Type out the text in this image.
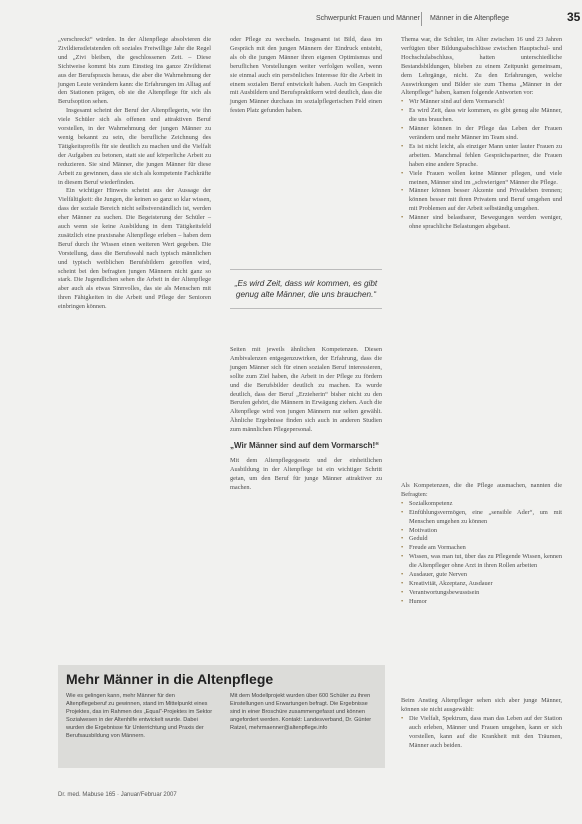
Schwerpunkt Frauen und Männer Männer in die Altenpflege	35

„verschreckt“ würden. In der Altenpflege absolvieren die Zivildienstleistenden oft soziales Freiwillige Jahr die Regel und „Zivi bleiben, die geschlossenen Zeit. – Diese Sichtweise kommt bis zum Einstieg ins ganze Zivildienst aus der Berufspraxis heraus, die aber die Wahrnehmung der jungen Leute verändern kann: die Erfahrungen im Alltag auf den Stationen prägen, ob sie die Altenpflege für sich als Berufsoption sehen.

Insgesamt scheint der Beruf der Altenpflegerin, wie ihn viele Schüler sich als offenen und attraktiven Beruf vorstellen, in der Wahrnehmung der jungen Männer zu wenig bekannt zu sein, die berufliche Zeichnung des Tätigkeitsprofils für sie deutlich zu machen und die Vielfalt der Aufgaben zu betonen, statt sie auf körperliche Arbeit zu reduzieren. Sie sind Männer, die jungen Männer für diese Arbeit zu gewinnen, dass sie sich als kompetente Fachkräfte in diesem Beruf wiederfinden.

Ein wichtiger Hinweis scheint aus der Aussage der Vielfältigkeit: die Jungen, die keinen so ganz so klar wissen, dass der soziale Bereich nicht selbstverständlich ist, werden eher Männer zu suchen. Die Begeisterung der Schüler – auch wenn sie keine Ausbildung in dem Tätigkeitsfeld zusätzlich eine praxisnahe Altenpflege erleben – haben dem Beruf durch ihr Wissen einen weiteren Wert gegeben. Die Vorstellung, dass die Berufswahl nach typisch männlichen und typisch weiblichen Berufsbildern getroffen wird, scheint bei den befragten jungen Männern nicht ganz so stark. Die Jugendlichen sehen die Arbeit in der Altenpflege aber auch als etwas Sinnvolles, das sie als Menschen mit ihren Fähigkeiten in die Arbeit und Pflege der Senioren einbringen können.

oder Pflege zu wechseln. Insgesamt ist Bild, dass im Gespräch mit den jungen Männern der Eindruck entsteht, als ob die jungen Männer ihren eigenen Optimismus und beruflichen Vorstellungen weiter verfolgen wollen, wenn sie einmal auch ein persönliches Interesse für die Arbeit in einem sozialen Beruf entwickelt haben. Auch im Gespräch mit Ausbildern und Berufspraktikern wird deutlich, dass die jungen Männer durchaus im sozialpflegerischen Feld einen festen Platz gefunden haben.

„Es wird Zeit, dass wir kommen, es gibt genug alte Männer, die uns brauchen.“

Seiten mit jeweils ähnlichen Kompetenzen. Diesen Ambivalenzen entgegenzuwirken, der Erfahrung, dass die jungen Männer sich für einen sozialen Beruf interessieren, sollte zum Ziel haben, die Arbeit in der Pflege zu fördern und die Berufsbilder deutlich zu machen. Es wurde deutlich, dass der Beruf „Erzieherin“ bisher nicht zu den Berufen gehört, die Männern in Erwägung ziehen. Auch die Altenpflege wird von jungen Männern nur selten gewählt. Ähnliche Ergebnisse finden sich auch in anderen Studien zum männlichen Pflegepersonal.

„Wir Männer sind auf dem Vormarsch!“

Mit dem Altenpflegegesetz und der einheitlichen Ausbildung in der Altenpflege ist ein wichtiger Schritt getan, um den Beruf für junge Männer attraktiver zu machen.

Thema war, die Schüler, im Alter zwischen 16 und 23 Jahren verfügten über Bildungsabschlüsse zwischen Hauptschul- und Hochschulabschluss, hatten unterschiedliche Bestandsbildungen, blieben zu einem Zeitpunkt gemeinsam, dem Lehrgänge, nicht. Zu den Erfahrungen, welche Auswirkungen und Bilder sie zum Thema „Männer in der Altenpflege“ haben, kamen folgende Antworten vor:

• Wir Männer sind auf dem Vormarsch!
• Es wird Zeit, dass wir kommen, es gibt genug alte Männer, die uns brauchen.
• Männer können in der Pflege das Leben der Frauen verändern und mehr Männer im Team sind.
• Es ist nicht leicht, als einziger Mann unter lauter Frauen zu arbeiten. Manchmal fehlen Gesprächspartner, die Frauen haben eine andere Sprache.
• Viele Frauen wollen keine Männer pflegen, und viele meinen, Männer sind im „schwierigen“ Männer die Pflege.
• Männer können besser Akzente und Privatleben trennen; können besser mit ihren Privatem und Beruf umgehen und mit Problemen auf der Arbeit selbständig umgehen.
• Männer sind belastbarer, Bewegungen werden weniger, ohne sprachliche Belastungen abgebaut.

Als Kompetenzen, die die Pflege ausmachen, nannten die Befragten:

• Sozialkompetenz
• Einfühlungsvermögen, eine „sensible Ader“, um mit Menschen umgehen zu können
• Motivation
• Geduld
• Freude am Vormachen
• Wissen, was man tut, über das zu Pflegende Wissen, kennen die Altenpfleger ohne Arzt in ihren Rollen arbeiten
• Ausdauer, gute Nerven
• Kreativität, Akzeptanz, Ausdauer
• Verantwortungsbewusstsein
• Humor

Beim Anstieg Altenpfleger sehen sich aber junge Männer, können sie nicht ausgewählt:

• Die Vielfalt, Spektrum, dass man das Leben auf der Station auch erleben, Männer und Frauen umgehen, kann er sich vorstellen, kann auf die Krankheit mit den Träumen, Männer auch beiden.
Mehr Männer in die Altenpflege
Wie es gelingen kann, mehr Männer für den Altenpflegeberuf zu gewinnen, stand im Mittelpunkt eines Projektes, das im Rahmen des „Equal“-Projektes im Sektor Sozialwesen in der Altenhilfe entwickelt wurde. Dabei wurden die Ergebnisse für Unterrichtung und Praxis der Berufsausbildung von Männern.
Mit dem Modellprojekt wurden über 600 Schüler zu ihren Einstellungen und Erwartungen befragt. Die Ergebnisse sind in einer Broschüre zusammengefasst und können angefordert werden. Kontakt: Landesverband, Dr. Günter Ratzel, mehrmaenner@altenpflege.info
Dr. med. Mabuse 165 · Januar/Februar 2007
